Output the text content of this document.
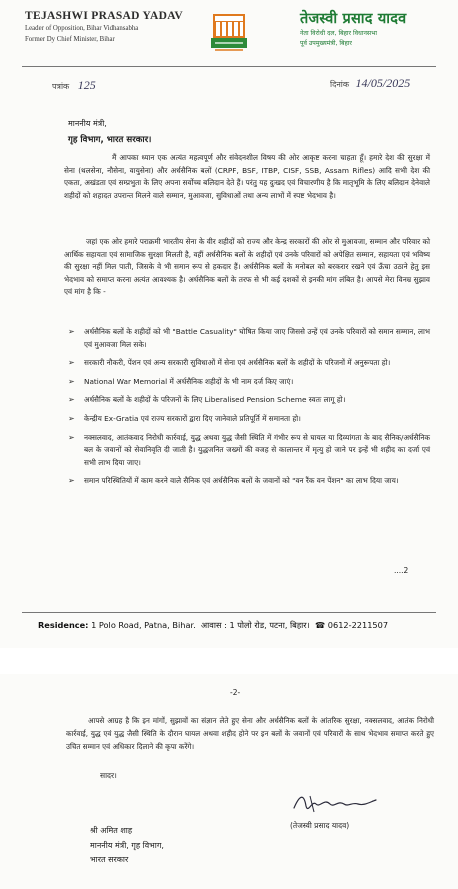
TEJASHWI PRASAD YADAV
Leader of Opposition, Bihar Vidhansabha
Former Dy Chief Minister, Bihar
तेजस्वी प्रसाद यादव
नेता विरोधी दल, बिहार विधानसभा
पूर्व उपमुख्यमंत्री, बिहार
पत्रांक 125	दिनांक 14/05/2025
माननीय मंत्री,
गृह विभाग, भारत सरकार।
मैं आपका ध्यान एक अत्यंत महत्वपूर्ण और संवेदनशील विषय की ओर आकृष्ट करना चाहता हूँ। हमारे देश की सुरक्षा में सेना (थलसेना, नौसेना, वायुसेना) और अर्धसैनिक बलों (CRPF, BSF, ITBP, CISF, SSB, Assam Rifles) आदि सभी देश की एकता, अखंडता एवं सम्प्रभुता के लिए अपना सर्वोच्च बलिदान देते हैं। परंतु यह दुःखद एवं विचारणीय है कि मातृभूमि के लिए बलिदान देनेवाले शहीदों को शहादत उपरान्त मिलने वाले सम्मान, मुआवजा, सुविधाओं तथा अन्य लाभों में स्पष्ट भेदभाव है।
जहां एक ओर हमारे पराक्रमी भारतीय सेना के वीर शहीदों को राज्य और केन्द्र सरकारों की ओर से मुआवजा, सम्मान और परिवार को आर्थिक सहायता एवं सामाजिक सुरक्षा मिलती है, वहीं अर्धसैनिक बलों के शहीदों एवं उनके परिवारों को अपेक्षित सम्मान, सहायता एवं भविष्य की सुरक्षा नहीं मिल पाती, जिसके वे भी समान रूप से हकदार हैं। अर्धसैनिक बलों के मनोबल को बरकरार रखने एवं ऊँचा उठाने हेतु इस भेदभाव को समाप्त करना अत्यंत आवश्यक है। अर्धसैनिक बलों के तरफ से भी कई दशकों से इनकी मांग लंबित है। आपसे मेरा विनम्र सुझाव एवं मांग है कि -
➢ अर्धसैनिक बलों के शहीदों को भी "Battle Casuality" घोषित किया जाए जिससे उन्हें एवं उनके परिवारों को समान सम्मान, लाभ एवं मुआवजा मिल सके।
➢ सरकारी नौकरी, पेंशन एवं अन्य सरकारी सुविधाओं में सेना एवं अर्धसैनिक बलों के शहीदों के परिजनों में अनुरूपता हो।
➢ National War Memorial में अर्धसैनिक शहीदों के भी नाम दर्ज किए जाएं।
➢ अर्धसैनिक बलों के शहीदों के परिजनों के लिए Liberalised Pension Scheme स्वतः लागू हो।
➢ केन्द्रीय Ex-Gratia एवं राज्य सरकारों द्वारा दिए जानेवाले प्रतिपूर्ति में समानता हो।
➢ नक्सलवाद, आतंकवाद निरोधी कार्रवाई, युद्ध अथवा युद्ध जैसी स्थिति में गंभीर रूप से घायल या दिव्यांगता के बाद सैनिक/अर्धसैनिक बल के जवानों को सेवानिवृति दी जाती है। युद्धजनित जख्मों की वजह से कालान्तर में मृत्यु हो जाने पर इन्हें भी शहीद का दर्जा एवं सभी लाभ दिया जाए।
➢ समान परिस्थितियों में काम करने वाले सैनिक एवं अर्धसैनिक बलों के जवानों को "वन रैंक वन पेंशन" का लाभ दिया जाय।
....2
Residence: 1 Polo Road, Patna, Bihar. आवास : 1 पोलो रोड, पटना, बिहार। ☎ 0612-2211507
-2-
आपसे आग्रह है कि इन मांगों, सुझावों का संज्ञान लेते हुए सेना और अर्धसैनिक बलों के आंतरिक सुरक्षा, नक्सलवाद, आतंक निरोधी कार्रवाई, युद्ध एवं युद्ध जैसी स्थिति के दौरान घायल अथवा शहीद होने पर इन बलों के जवानों एवं परिवारों के साथ भेदभाव समाप्त करते हुए उचित सम्मान एवं अधिकार दिलाने की कृपा करेंगे।
सादर।
(तेजस्वी प्रसाद यादव)
श्री अमित शाह
माननीय मंत्री, गृह विभाग,
भारत सरकार
